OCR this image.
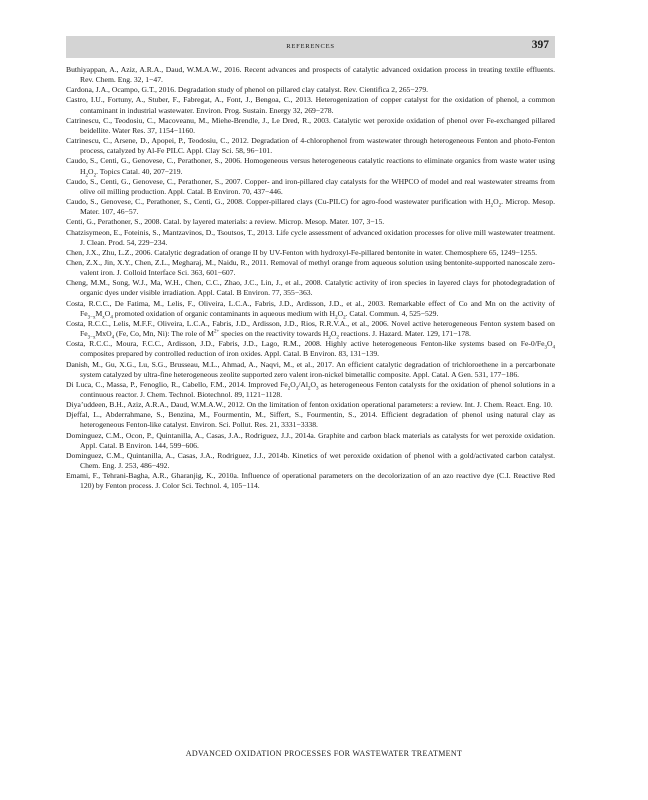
REFERENCES	397

Buthiyappan, A., Aziz, A.R.A., Daud, W.M.A.W., 2016. Recent advances and prospects of catalytic advanced oxidation process in treating textile effluents. Rev. Chem. Eng. 32, 1−47.

Cardona, J.A., Ocampo, G.T., 2016. Degradation study of phenol on pillared clay catalyst. Rev. Cientifica 2, 265−279.

Castro, I.U., Fortuny, A., Stuber, F., Fabregat, A., Font, J., Bengoa, C., 2013. Heterogenization of copper catalyst for the oxidation of phenol, a common contaminant in industrial wastewater. Environ. Prog. Sustain. Energy 32, 269−278.

Catrinescu, C., Teodosiu, C., Macoveanu, M., Miehe-Brendle, J., Le Dred, R., 2003. Catalytic wet peroxide oxidation of phenol over Fe-exchanged pillared beidellite. Water Res. 37, 1154−1160.

Catrinescu, C., Arsene, D., Apopei, P., Teodosiu, C., 2012. Degradation of 4-chlorophenol from wastewater through heterogeneous Fenton and photo-Fenton process, catalyzed by Al-Fe PILC. Appl. Clay Sci. 58, 96−101.

Caudo, S., Centi, G., Genovese, C., Perathoner, S., 2006. Homogeneous versus heterogeneous catalytic reactions to eliminate organics from waste water using $H_2O_2$. Topics Catal. 40, 207−219.

Caudo, S., Centi, G., Genovese, C., Perathoner, S., 2007. Copper- and iron-pillared clay catalysts for the WHPCO of model and real wastewater streams from olive oil milling production. Appl. Catal. B Environ. 70, 437−446.

Caudo, S., Genovese, C., Perathoner, S., Centi, G., 2008. Copper-pillared clays (Cu-PILC) for agro-food wastewater purification with $H_2O_2$. Microp. Mesop. Mater. 107, 46−57.

Centi, G., Perathoner, S., 2008. Catal. by layered materials: a review. Microp. Mesop. Mater. 107, 3−15.

Chatzisymeon, E., Foteinis, S., Mantzavinos, D., Tsoutsos, T., 2013. Life cycle assessment of advanced oxidation processes for olive mill wastewater treatment. J. Clean. Prod. 54, 229−234.

Chen, J.X., Zhu, L.Z., 2006. Catalytic degradation of orange II by UV-Fenton with hydroxyl-Fe-pillared bentonite in water. Chemosphere 65, 1249−1255.

Chen, Z.X., Jin, X.Y., Chen, Z.L., Megharaj, M., Naidu, R., 2011. Removal of methyl orange from aqueous solution using bentonite-supported nanoscale zero-valent iron. J. Colloid Interface Sci. 363, 601−607.

Cheng, M.M., Song, W.J., Ma, W.H., Chen, C.C., Zhao, J.C., Lin, J., et al., 2008. Catalytic activity of iron species in layered clays for photodegradation of organic dyes under visible irradiation. Appl. Catal. B Environ. 77, 355−363.

Costa, R.C.C., De Fatima, M., Lelis, F., Oliveira, L.C.A., Fabris, J.D., Ardisson, J.D., et al., 2003. Remarkable effect of Co and Mn on the activity of $Fe_{3-x}M_xO_4$ promoted oxidation of organic contaminants in aqueous medium with $H_2O_2$. Catal. Commun. 4, 525−529.

Costa, R.C.C., Lelis, M.F.F., Oliveira, L.C.A., Fabris, J.D., Ardisson, J.D., Rios, R.R.V.A., et al., 2006. Novel active heterogeneous Fenton system based on $Fe_{3-x}MxO_4$ (Fe, Co, Mn, Ni): The role of $M^{2+}$ species on the reactivity towards $H_2O_2$ reactions. J. Hazard. Mater. 129, 171−178.

Costa, R.C.C., Moura, F.C.C., Ardisson, J.D., Fabris, J.D., Lago, R.M., 2008. Highly active heterogeneous Fenton-like systems based on $Fe-0/Fe_3O_4$ composites prepared by controlled reduction of iron oxides. Appl. Catal. B Environ. 83, 131−139.

Danish, M., Gu, X.G., Lu, S.G., Brusseau, M.L., Ahmad, A., Naqvi, M., et al., 2017. An efficient catalytic degradation of trichloroethene in a percarbonate system catalyzed by ultra-fine heterogeneous zeolite supported zero valent iron-nickel bimetallic composite. Appl. Catal. A Gen. 531, 177−186.

Di Luca, C., Massa, P., Fenoglio, R., Cabello, F.M., 2014. Improved $Fe_2O_3/Al_2O_3$ as heterogeneous Fenton catalysts for the oxidation of phenol solutions in a continuous reactor. J. Chem. Technol. Biotechnol. 89, 1121−1128.

Diya’uddeen, B.H., Aziz, A.R.A., Daud, W.M.A.W., 2012. On the limitation of fenton oxidation operational parameters: a review. Int. J. Chem. React. Eng. 10.

Djeffal, L., Abderrahmane, S., Benzina, M., Fourmentin, M., Siffert, S., Fourmentin, S., 2014. Efficient degradation of phenol using natural clay as heterogeneous Fenton-like catalyst. Environ. Sci. Pollut. Res. 21, 3331−3338.

Dominguez, C.M., Ocon, P., Quintanilla, A., Casas, J.A., Rodriguez, J.J., 2014a. Graphite and carbon black materials as catalysts for wet peroxide oxidation. Appl. Catal. B Environ. 144, 599−606.

Dominguez, C.M., Quintanilla, A., Casas, J.A., Rodriguez, J.J., 2014b. Kinetics of wet peroxide oxidation of phenol with a gold/activated carbon catalyst. Chem. Eng. J. 253, 486−492.

Emami, F., Tehrani-Bagha, A.R., Gharanjig, K., 2010a. Influence of operational parameters on the decolorization of an azo reactive dye (C.I. Reactive Red 120) by Fenton process. J. Color Sci. Technol. 4, 105−114.

ADVANCED OXIDATION PROCESSES FOR WASTEWATER TREATMENT
